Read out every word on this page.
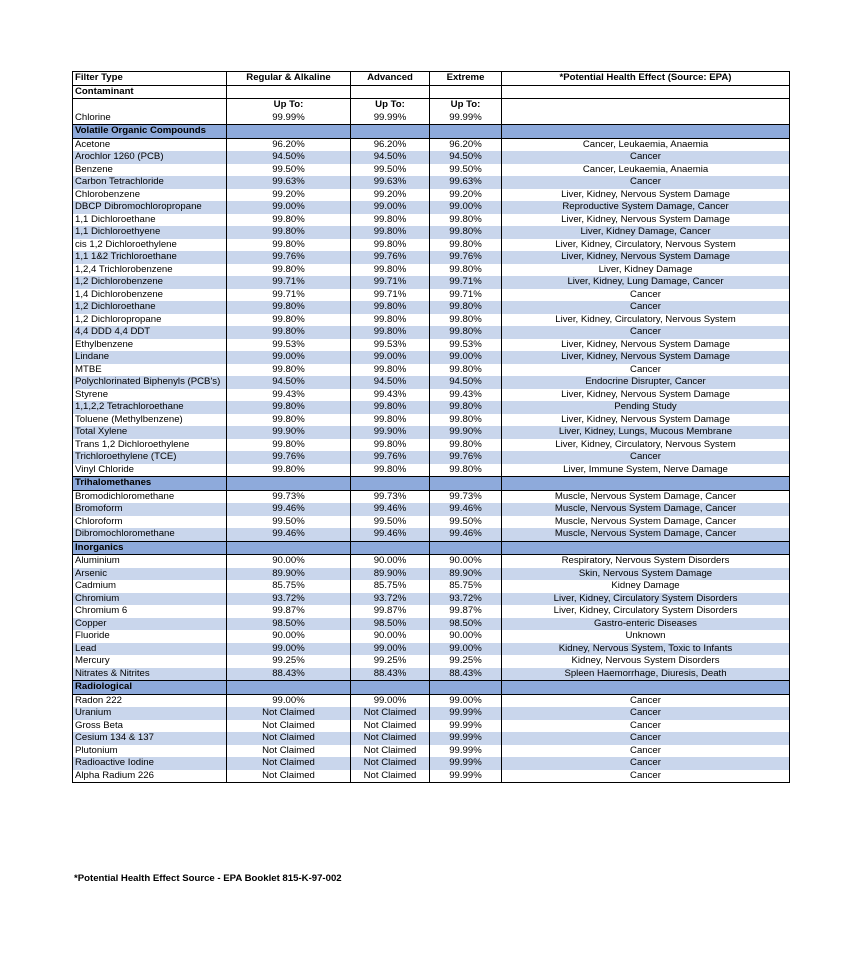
Filter Type	Regular & Alkaline	Advanced	Extreme	*Potential Health Effect (Source: EPA)
Contaminant				
	Up To:	Up To:	Up To:	
Chlorine	99.99%	99.99%	99.99%	
Volatile Organic Compounds				
Acetone	96.20%	96.20%	96.20%	Cancer, Leukaemia, Anaemia
Arochlor 1260 (PCB)	94.50%	94.50%	94.50%	Cancer
Benzene	99.50%	99.50%	99.50%	Cancer, Leukaemia, Anaemia
Carbon Tetrachloride	99.63%	99.63%	99.63%	Cancer
Chlorobenzene	99.20%	99.20%	99.20%	Liver, Kidney, Nervous System Damage
DBCP Dibromochloropropane	99.00%	99.00%	99.00%	Reproductive System Damage, Cancer
1,1 Dichloroethane	99.80%	99.80%	99.80%	Liver, Kidney, Nervous System Damage
1,1 Dichloroethyene	99.80%	99.80%	99.80%	Liver, Kidney Damage, Cancer
cis 1,2 Dichloroethylene	99.80%	99.80%	99.80%	Liver, Kidney, Circulatory, Nervous System
1,1 1&2 Trichloroethane	99.76%	99.76%	99.76%	Liver, Kidney, Nervous System Damage
1,2,4 Trichlorobenzene	99.80%	99.80%	99.80%	Liver, Kidney Damage
1,2 Dichlorobenzene	99.71%	99.71%	99.71%	Liver, Kidney, Lung Damage, Cancer
1,4 Dichlorobenzene	99.71%	99.71%	99.71%	Cancer
1,2 Dichloroethane	99.80%	99.80%	99.80%	Cancer
1,2 Dichloropropane	99.80%	99.80%	99.80%	Liver, Kidney, Circulatory, Nervous System
4,4 DDD 4,4 DDT	99.80%	99.80%	99.80%	Cancer
Ethylbenzene	99.53%	99.53%	99.53%	Liver, Kidney, Nervous System Damage
Lindane	99.00%	99.00%	99.00%	Liver, Kidney, Nervous System Damage
MTBE	99.80%	99.80%	99.80%	Cancer
Polychlorinated Biphenyls (PCB's)	94.50%	94.50%	94.50%	Endocrine Disrupter, Cancer
Styrene	99.43%	99.43%	99.43%	Liver, Kidney, Nervous System Damage
1,1,2,2 Tetrachloroethane	99.80%	99.80%	99.80%	Pending Study
Toluene (Methylbenzene)	99.80%	99.80%	99.80%	Liver, Kidney, Nervous System Damage
Total Xylene	99.90%	99.90%	99.90%	Liver, Kidney, Lungs, Mucous Membrane
Trans 1,2 Dichloroethylene	99.80%	99.80%	99.80%	Liver, Kidney, Circulatory, Nervous System
Trichloroethylene (TCE)	99.76%	99.76%	99.76%	Cancer
Vinyl Chloride	99.80%	99.80%	99.80%	Liver, Immune System, Nerve Damage
Trihalomethanes				
Bromodichloromethane	99.73%	99.73%	99.73%	Muscle, Nervous System Damage, Cancer
Bromoform	99.46%	99.46%	99.46%	Muscle, Nervous System Damage, Cancer
Chloroform	99.50%	99.50%	99.50%	Muscle, Nervous System Damage, Cancer
Dibromochloromethane	99.46%	99.46%	99.46%	Muscle, Nervous System Damage, Cancer
Inorganics				
Aluminium	90.00%	90.00%	90.00%	Respiratory, Nervous System Disorders
Arsenic	89.90%	89.90%	89.90%	Skin, Nervous System Damage
Cadmium	85.75%	85.75%	85.75%	Kidney Damage
Chromium	93.72%	93.72%	93.72%	Liver, Kidney, Circulatory System Disorders
Chromium 6	99.87%	99.87%	99.87%	Liver, Kidney, Circulatory System Disorders
Copper	98.50%	98.50%	98.50%	Gastro-enteric Diseases
Fluoride	90.00%	90.00%	90.00%	Unknown
Lead	99.00%	99.00%	99.00%	Kidney, Nervous System, Toxic to Infants
Mercury	99.25%	99.25%	99.25%	Kidney, Nervous System Disorders
Nitrates & Nitrites	88.43%	88.43%	88.43%	Spleen Haemorrhage, Diuresis, Death
Radiological				
Radon 222	99.00%	99.00%	99.00%	Cancer
Uranium	Not Claimed	Not Claimed	99.99%	Cancer
Gross Beta	Not Claimed	Not Claimed	99.99%	Cancer
Cesium 134 & 137	Not Claimed	Not Claimed	99.99%	Cancer
Plutonium	Not Claimed	Not Claimed	99.99%	Cancer
Radioactive Iodine	Not Claimed	Not Claimed	99.99%	Cancer
Alpha Radium 226	Not Claimed	Not Claimed	99.99%	Cancer
*Potential Health Effect Source - EPA Booklet 815-K-97-002
